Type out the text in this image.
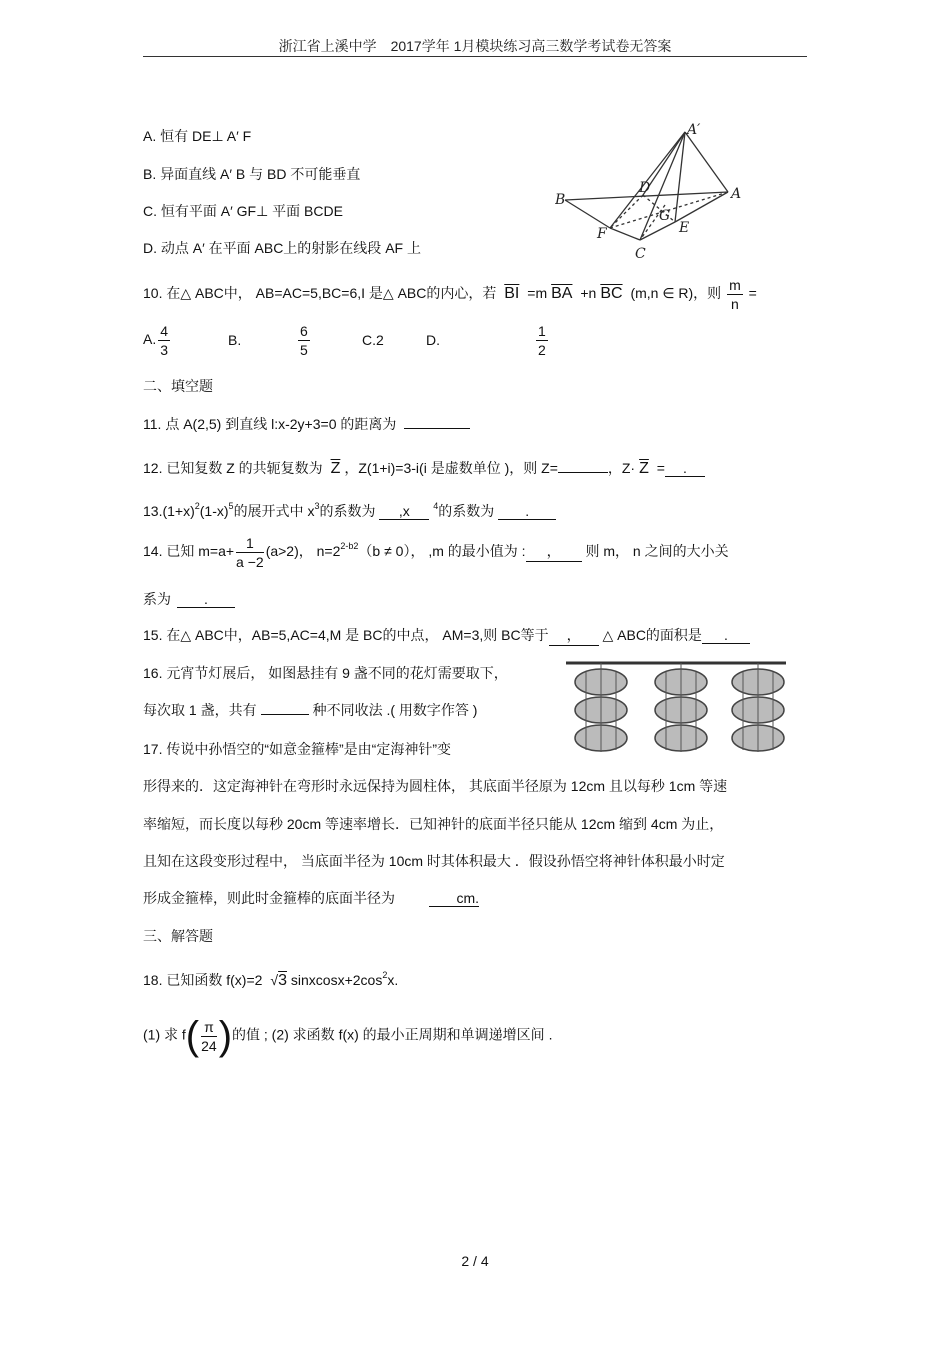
浙江省上溪中学　2017学年 1月模块练习高三数学考试卷无答案
A. 恒有 DE⊥ A′ F
B. 异面直线 A′ B 与 BD 不可能垂直
C. 恒有平面 A′ GF⊥ 平面 BCDE
D. 动点 A′ 在平面 ABC上的射影在线段 AF 上
A′
B
D	A
F
G
E
C
10. 在△ ABC中， AB=AC=5,BC=6,I 是△ ABC的内心，若 $\overline{BI} =m$ $\overline{BA} +n$ $\overline{BC}$ (m,n ∈ R)，则 $\frac{m}{n}$ =
A. $\frac{4}{3}$	B.	$\frac{6}{5}$	C.2	D.	$\frac{1}{2}$
二、填空题
11. 点 A(2,5) 到直线 l:x-2y+3=0 的距离为
12. 已知复数 Z 的共轭复数为 $\overline{Z}$ ，Z(1+i)=3-i(i 是虚数单位 )，则 Z=	，$Z\cdot \overline{Z}$ = .
$13.(1+x)^2(1-x)^5$的展开式中 $x^3$的系数为 ,x	$^4$的系数为 .
14. 已知 $m=a+ \frac{1}{a -2} (a>2)$， $n=2^{2-b2}(b \ne 0)$， ,m 的最小值为 : ， 则 m， n 之间的大小关
系为 .
15. 在△ ABC中，AB=5,AC=4,M 是 BC的中点， AM=3,则 BC等于 ， △ ABC的面积是 .
16. 元宵节灯展后， 如图悬挂有 9 盏不同的花灯需要取下，
每次取 1 盏，共有	种不同收法 .( 用数字作答 )
17. 传说中孙悟空的“如意金箍棒”是由“定海神针”变
形得来的．这定海神针在弯形时永远保持为圆柱体， 其底面半径原为 12cm 且以每秒 1cm 等速
率缩短，而长度以每秒 20cm 等速率增长．已知神针的底面半径只能从 12cm 缩到 4cm 为止，
且知在这段变形过程中， 当底面半径为 10cm 时其体积最大 ．假设孙悟空将神针体积最小时定
形成金箍棒，则此时金箍棒的底面半径为	cm.
三、解答题
18. 已知函数 f(x)=2 √3 $sinxcosx+2\cos^2x$.
(1) 求 $f( \frac{\pi}{24}$ )的值 ; (2) 求函数 f(x) 的最小正周期和单调递增区间 .
2 / 4
